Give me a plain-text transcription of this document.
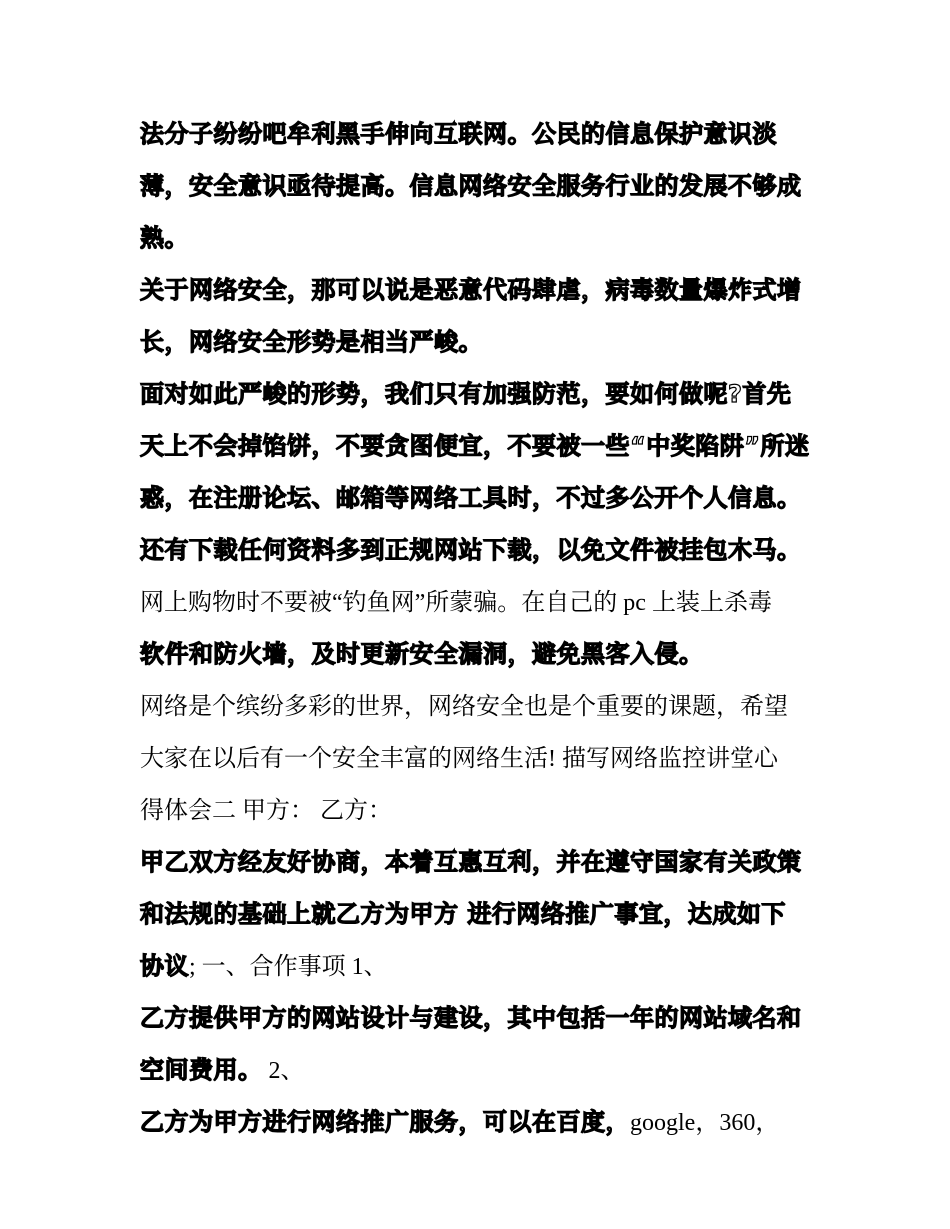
法分子纷纷吧牟利黑手伸向互联网。公民的信息保护意识淡
薄，安全意识亟待提高。信息网络安全服务行业的发展不够成
熟。
关于网络安全，那可以说是恶意代码肆虐，病毒数量爆炸式增
长，网络安全形势是相当严峻。
面对如此严峻的形势，我们只有加强防范，要如何做呢?首先
天上不会掉馅饼，不要贪图便宜，不要被一些“中奖陷阱”所迷
惑，在注册论坛、邮箱等网络工具时，不过多公开个人信息。
还有下载任何资料多到正规网站下载，以免文件被挂包木马。
网上购物时不要被“钓鱼网”所蒙骗。在自己的 pc 上装上杀毒
软件和防火墙，及时更新安全漏洞，避免黑客入侵。
网络是个缤纷多彩的世界，网络安全也是个重要的课题，希望
大家在以后有一个安全丰富的网络生活! 描写网络监控讲堂心
得体会二 甲方： 乙方：
甲乙双方经友好协商，本着互惠互利，并在遵守国家有关政策
和法规的基础上就乙方为甲方 进行网络推广事宜，达成如下
协议; 一、合作事项 1、
乙方提供甲方的网站设计与建设，其中包括一年的网站域名和
空间费用。 2、
乙方为甲方进行网络推广服务，可以在百度，google，360，
